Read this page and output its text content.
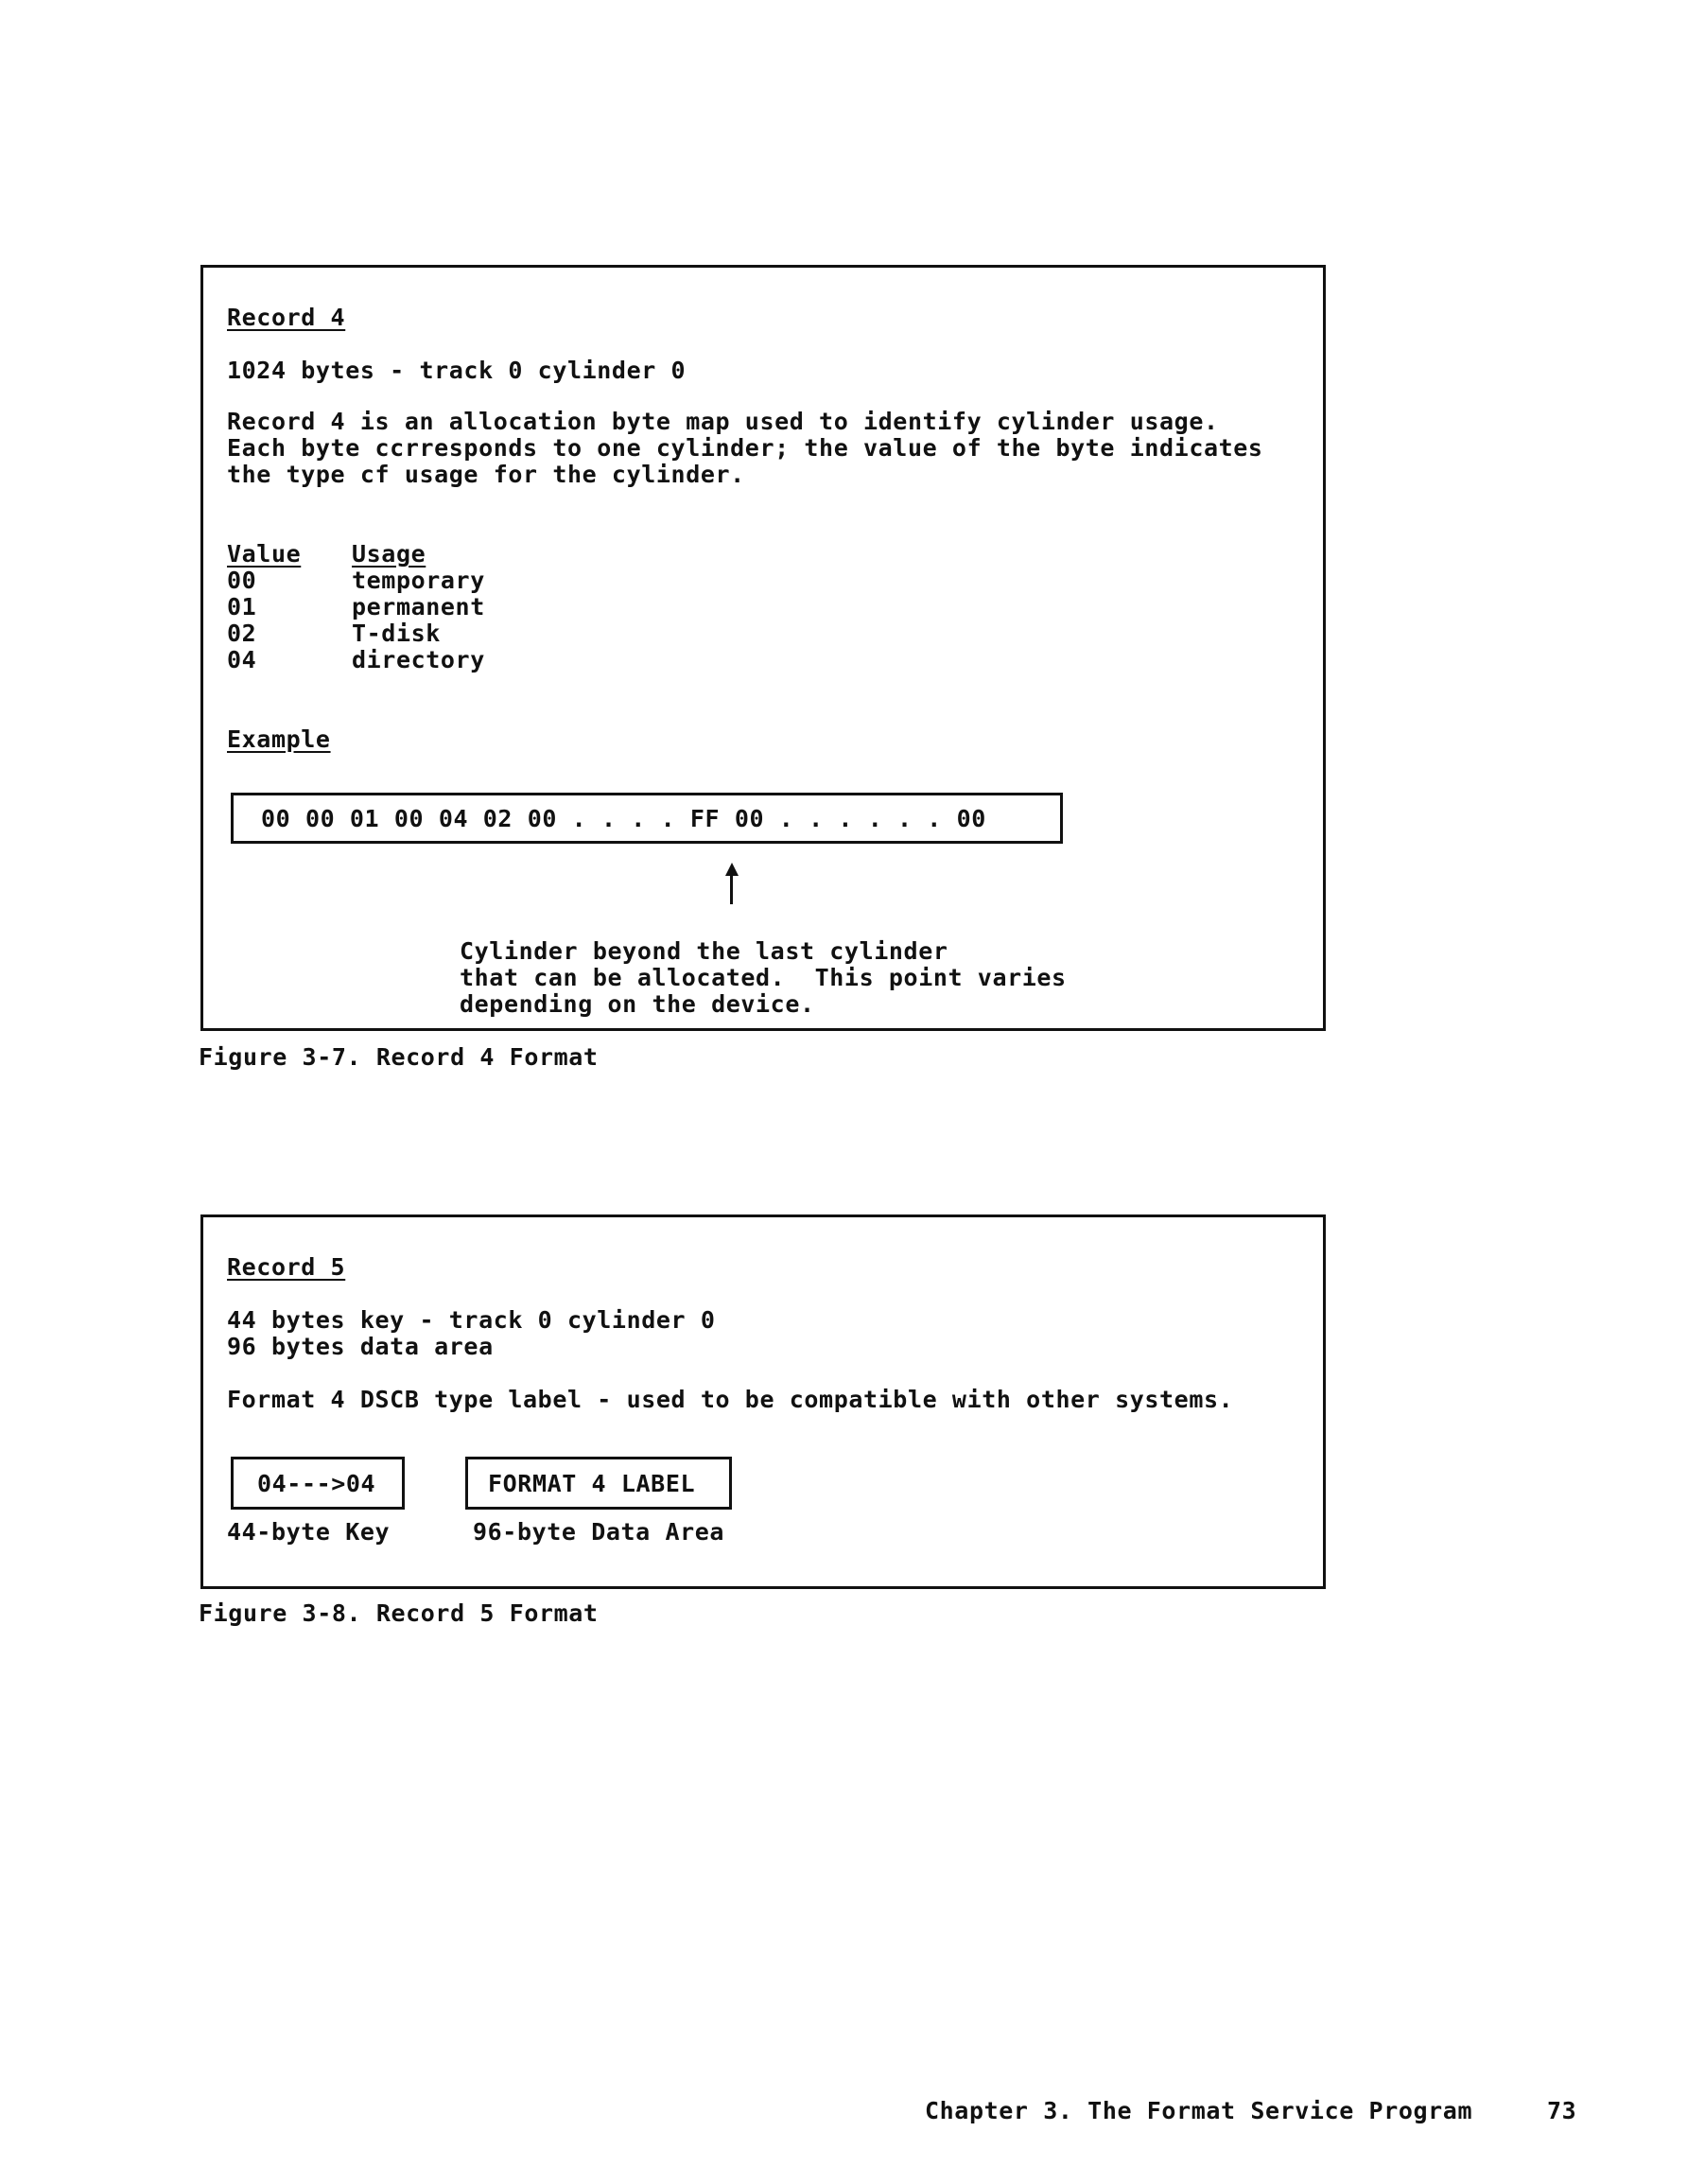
Record 4
1024 bytes - track 0 cylinder 0
Record 4 is an allocation byte map used to identify cylinder usage.
Each byte ccrresponds to one cylinder; the value of the byte indicates
the type cf usage for the cylinder.
Value Usage
00	temporary
01	permanent
02	T-disk
04	directory
Example
00 00 01 00 04 02 00 . . . . FF 00 . . . . . . 00
Cylinder beyond the last cylinder
that can be allocated.  This point varies
depending on the device.
Figure 3-7. Record 4 Format
Record 5
44 bytes key - track 0 cylinder 0
96 bytes data area
Format 4 DSCB type label - used to be compatible with other systems.
04--->04	FORMAT 4 LABEL
44-byte Key	96-byte Data Area
Figure 3-8. Record 5 Format
Chapter 3. The Format Service Program	73
